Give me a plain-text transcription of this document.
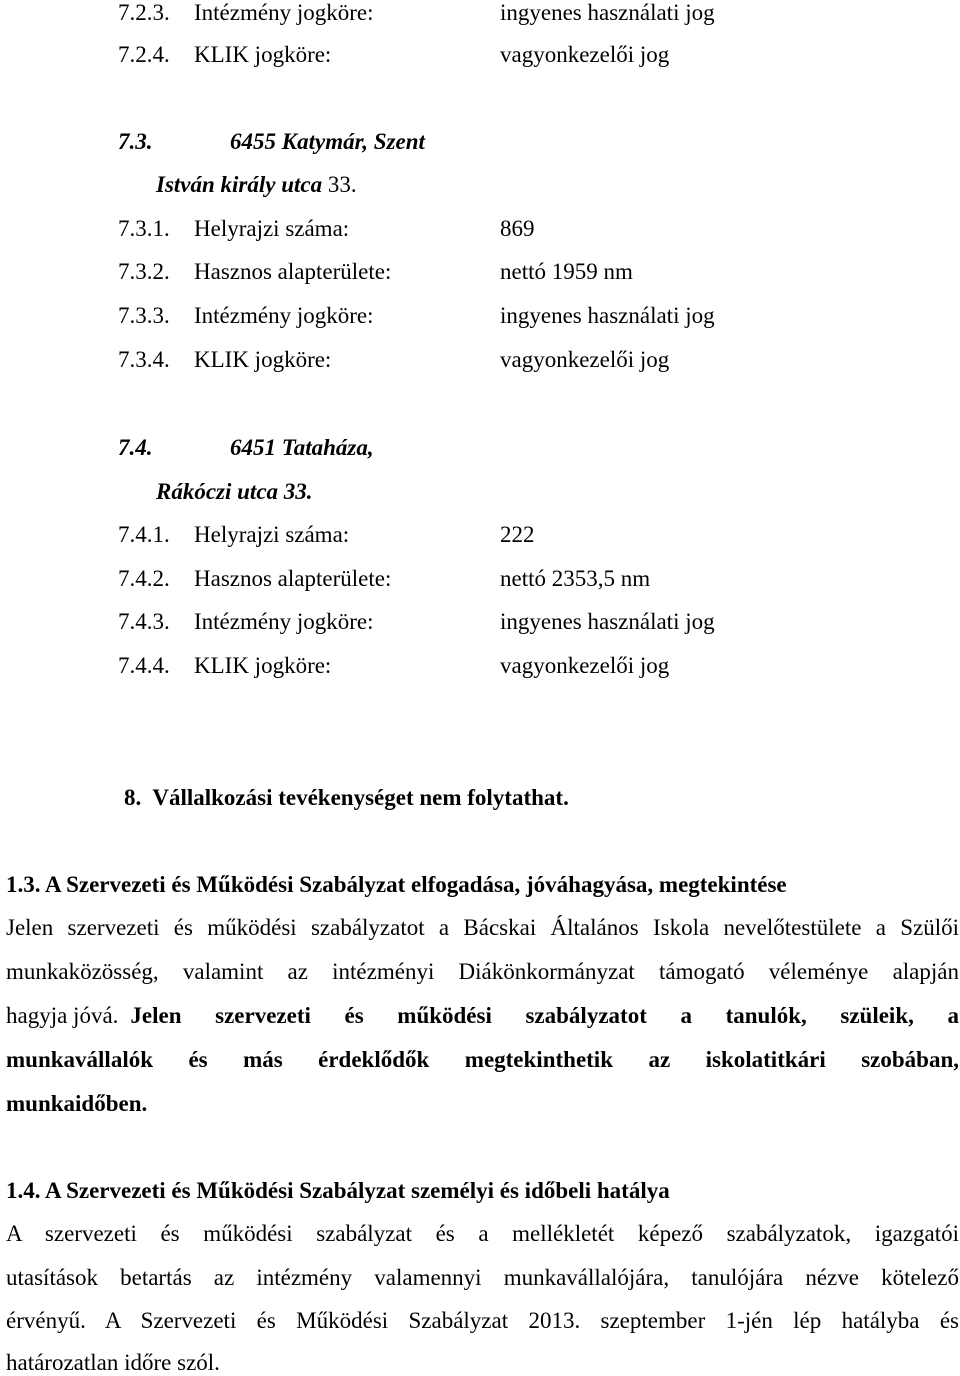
7.2.3. Intézmény jogköre:	ingyenes használati jog
7.2.4. KLIK jogköre:	vagyonkezelői jog
7.3.	6455 Katymár, Szent
István király utca 33.
7.3.1. Helyrajzi száma:	869
7.3.2. Hasznos alapterülete:	nettó 1959 nm
7.3.3. Intézmény jogköre:	ingyenes használati jog
7.3.4. KLIK jogköre:	vagyonkezelői jog
7.4.	6451 Tataháza,
Rákóczi utca 33.
7.4.1. Helyrajzi száma:	222
7.4.2. Hasznos alapterülete:	nettó 2353,5 nm
7.4.3. Intézmény jogköre:	ingyenes használati jog
7.4.4. KLIK jogköre:	vagyonkezelői jog
8.  Vállalkozási tevékenységet nem folytathat.
1.3. A Szervezeti és Működési Szabályzat elfogadása, jóváhagyása, megtekintése
Jelen szervezeti és működési szabályzatot a Bácskai Általános Iskola nevelőtestülete a Szülői
munkaközösség, valamint az intézményi Diákönkormányzat támogató véleménye alapján
hagyja jóvá. Jelen szervezeti és működési szabályzatot a tanulók, szüleik, a
munkavállalók és más érdeklődők megtekinthetik az iskolatitkári szobában,
munkaidőben.
1.4. A Szervezeti és Működési Szabályzat személyi és időbeli hatálya
A szervezeti és működési szabályzat és a mellékletét képező szabályzatok, igazgatói
utasítások betartás az intézmény valamennyi munkavállalójára, tanulójára nézve kötelező
érvényű. A Szervezeti és Működési Szabályzat 2013. szeptember 1-jén lép hatályba és
határozatlan időre szól.
